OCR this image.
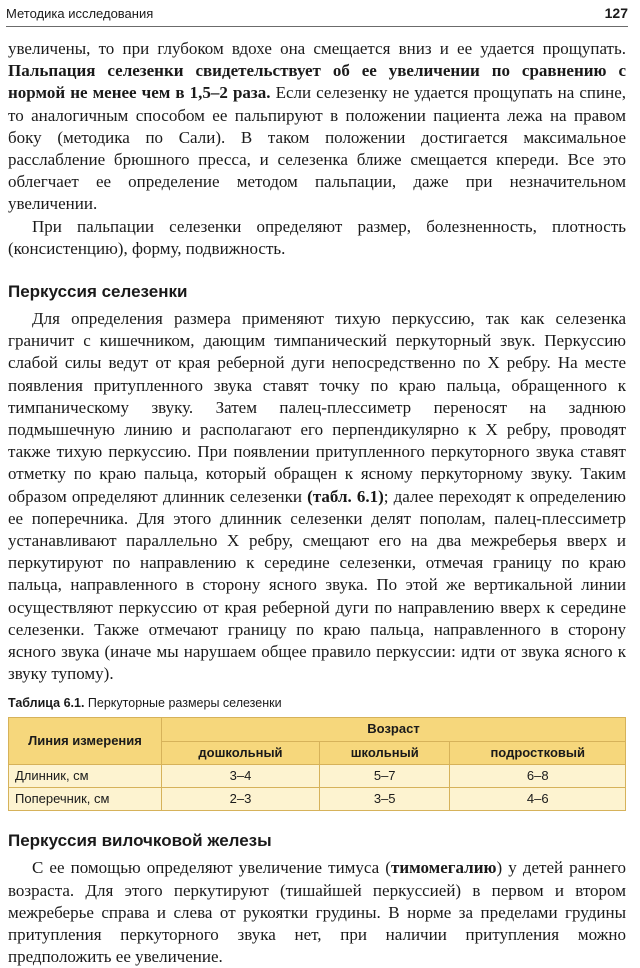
Методика исследования	127

увеличены, то при глубоком вдохе она смещается вниз и ее удается прощупать. Пальпация селезенки свидетельствует об ее увеличении по сравнению с нормой не менее чем в 1,5–2 раза. Если селезенку не удается прощупать на спине, то аналогичным способом ее пальпируют в положении пациента лежа на правом боку (методика по Сали). В таком положении достигается максимальное расслабление брюшного пресса, и селезенка ближе смещается кпереди. Все это облегчает ее определение методом пальпации, даже при незначительном увеличении.

При пальпации селезенки определяют размер, болезненность, плотность (консистенцию), форму, подвижность.

Перкуссия селезенки

Для определения размера применяют тихую перкуссию, так как селезенка граничит с кишечником, дающим тимпанический перкуторный звук. Перкуссию слабой силы ведут от края реберной дуги непосредственно по X ребру. На месте появления притупленного звука ставят точку по краю пальца, обращенного к тимпаническому звуку. Затем палец-плессиметр переносят на заднюю подмышечную линию и располагают его перпендикулярно к X ребру, проводят также тихую перкуссию. При появлении притупленного перкуторного звука ставят отметку по краю пальца, который обращен к ясному перкуторному звуку. Таким образом определяют длинник селезенки (табл. 6.1); далее переходят к определению ее поперечника. Для этого длинник селезенки делят пополам, палец-плессиметр устанавливают параллельно X ребру, смещают его на два межреберья вверх и перкутируют по направлению к середине селезенки, отмечая границу по краю пальца, направленного в сторону ясного звука. По этой же вертикальной линии осуществляют перкуссию от края реберной дуги по направлению вверх к середине селезенки. Также отмечают границу по краю пальца, направленного в сторону ясного звука (иначе мы нарушаем общее правило перкуссии: идти от звука ясного к звуку тупому).

Таблица 6.1. Перкуторные размеры селезенки
Линия измерения	Возраст		
	дошкольный	школьный	подростковый
Длинник, см	3–4	5–7	6–8
Поперечник, см	2–3	3–5	4–6
Перкуссия вилочковой железы

С ее помощью определяют увеличение тимуса (тимомегалию) у детей раннего возраста. Для этого перкутируют (тишайшей перкуссией) в первом и втором межреберье справа и слева от рукоятки грудины. В норме за пределами грудины притупления перкуторного звука нет, при наличии притупления можно предположить ее увеличение.
